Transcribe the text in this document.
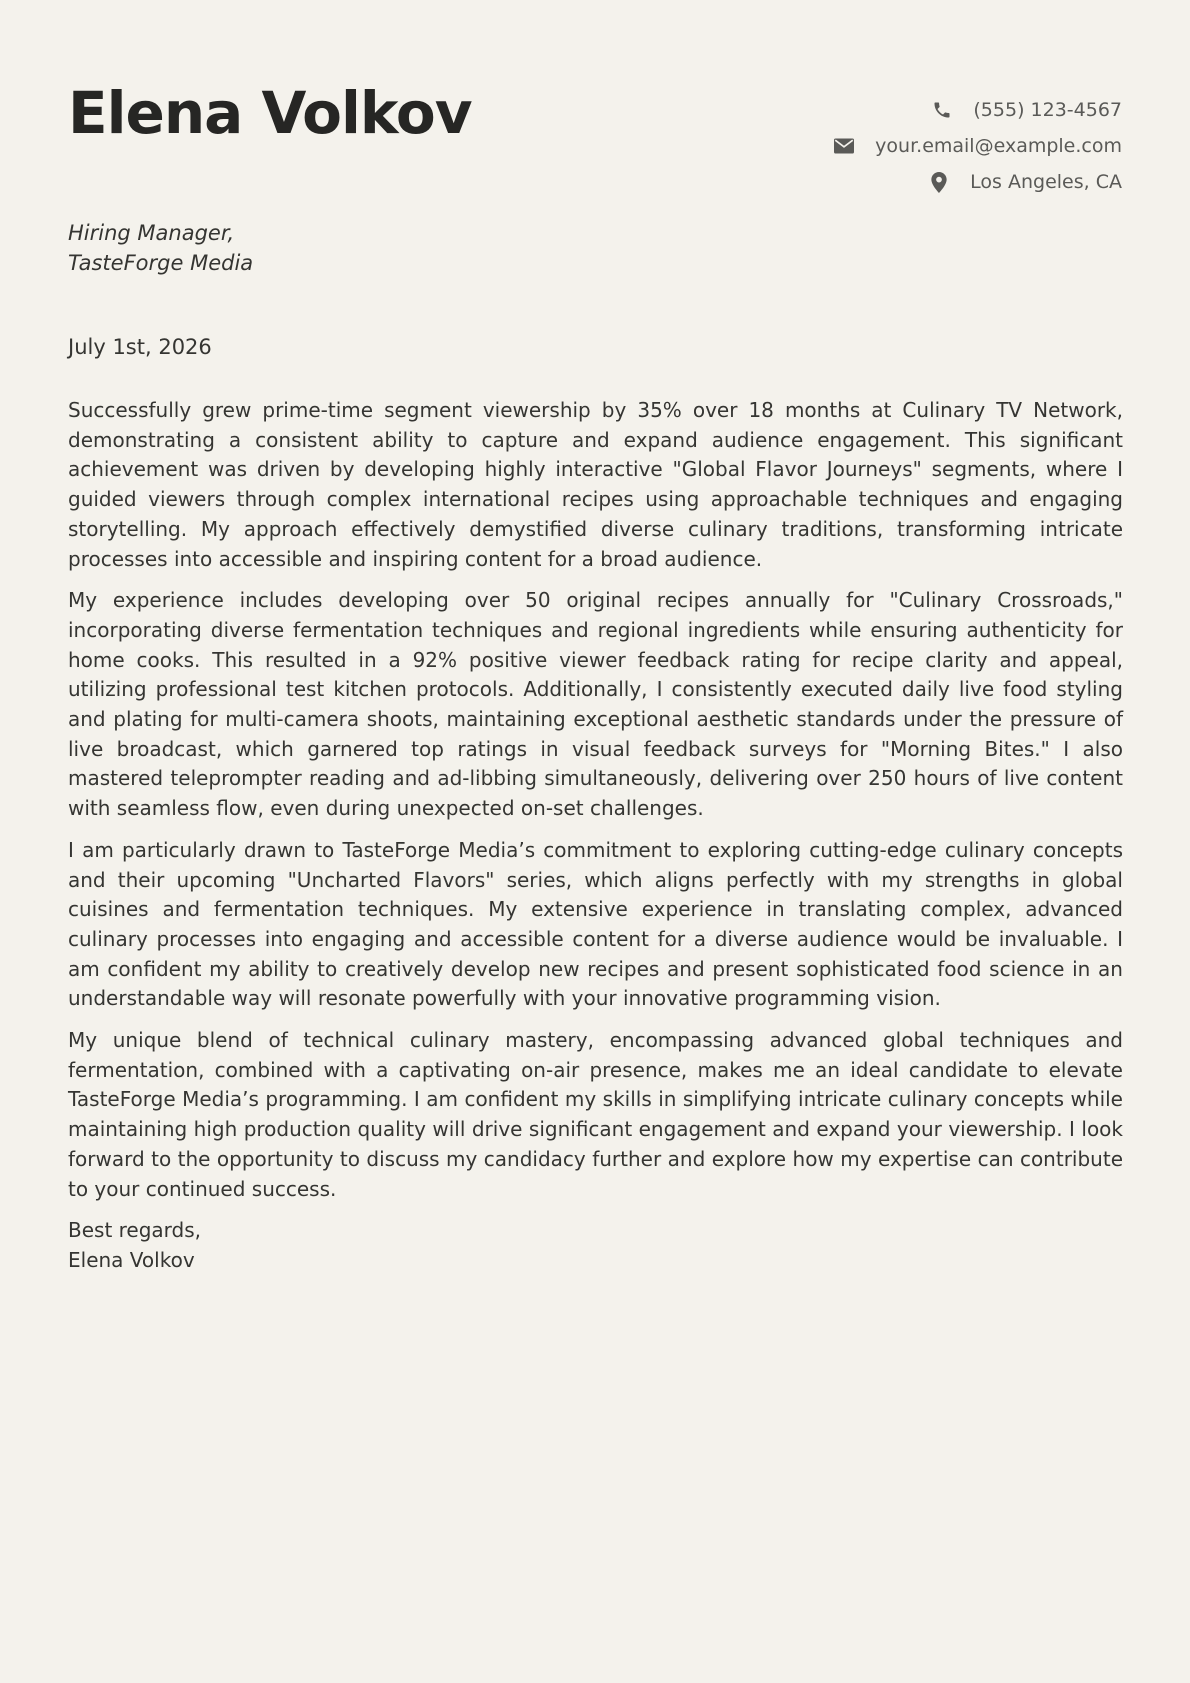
Elena Volkov	(555) 123-4567
your.email@example.com
Los Angeles, CA
Hiring Manager,
TasteForge Media
July 1st, 2026

Successfully grew prime-time segment viewership by 35% over 18 months at Culinary TV Network, demonstrating a consistent ability to capture and expand audience engagement. This significant achievement was driven by developing highly interactive "Global Flavor Journeys" segments, where I guided viewers through complex international recipes using approachable techniques and engaging storytelling. My approach effectively demystified diverse culinary traditions, transforming intricate processes into accessible and inspiring content for a broad audience.

My experience includes developing over 50 original recipes annually for "Culinary Crossroads," incorporating diverse fermentation techniques and regional ingredients while ensuring authenticity for home cooks. This resulted in a 92% positive viewer feedback rating for recipe clarity and appeal, utilizing professional test kitchen protocols. Additionally, I consistently executed daily live food styling and plating for multi-camera shoots, maintaining exceptional aesthetic standards under the pressure of live broadcast, which garnered top ratings in visual feedback surveys for "Morning Bites." I also mastered teleprompter reading and ad-libbing simultaneously, delivering over 250 hours of live content with seamless flow, even during unexpected on-set challenges.

I am particularly drawn to TasteForge Media’s commitment to exploring cutting-edge culinary concepts and their upcoming "Uncharted Flavors" series, which aligns perfectly with my strengths in global cuisines and fermentation techniques. My extensive experience in translating complex, advanced culinary processes into engaging and accessible content for a diverse audience would be invaluable. I am confident my ability to creatively develop new recipes and present sophisticated food science in an understandable way will resonate powerfully with your innovative programming vision.

My unique blend of technical culinary mastery, encompassing advanced global techniques and fermentation, combined with a captivating on-air presence, makes me an ideal candidate to elevate TasteForge Media’s programming. I am confident my skills in simplifying intricate culinary concepts while maintaining high production quality will drive significant engagement and expand your viewership. I look forward to the opportunity to discuss my candidacy further and explore how my expertise can contribute to your continued success.

Best regards,
Elena Volkov
